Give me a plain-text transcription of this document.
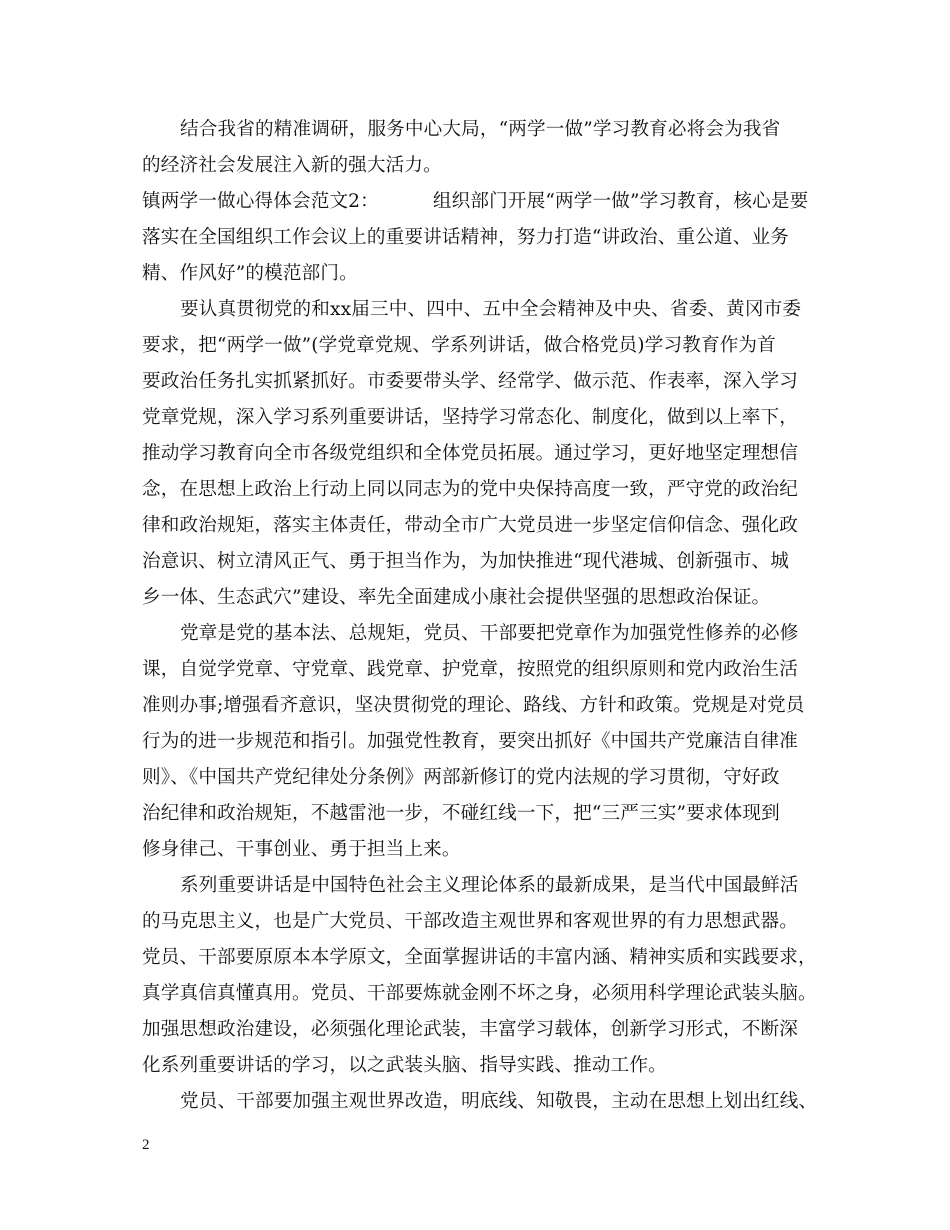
结合我省的精准调研，服务中心大局，“两学一做”学习教育必将会为我省
的经济社会发展注入新的强大活力。
镇两学一做心得体会范文2：	组织部门开展“两学一做”学习教育，核心是要
落实在全国组织工作会议上的重要讲话精神，努力打造“讲政治、重公道、业务
精、作风好”的模范部门。
要认真贯彻党的和xx届三中、四中、五中全会精神及中央、省委、黄冈市委
要求，把“两学一做”(学党章党规、学系列讲话，做合格党员)学习教育作为首
要政治任务扎实抓紧抓好。市委要带头学、经常学、做示范、作表率，深入学习
党章党规，深入学习系列重要讲话，坚持学习常态化、制度化，做到以上率下，
推动学习教育向全市各级党组织和全体党员拓展。通过学习，更好地坚定理想信
念，在思想上政治上行动上同以同志为的党中央保持高度一致，严守党的政治纪
律和政治规矩，落实主体责任，带动全市广大党员进一步坚定信仰信念、强化政
治意识、树立清风正气、勇于担当作为，为加快推进“现代港城、创新强市、城
乡一体、生态武穴”建设、率先全面建成小康社会提供坚强的思想政治保证。
党章是党的基本法、总规矩，党员、干部要把党章作为加强党性修养的必修
课，自觉学党章、守党章、践党章、护党章，按照党的组织原则和党内政治生活
准则办事;增强看齐意识，坚决贯彻党的理论、路线、方针和政策。党规是对党员
行为的进一步规范和指引。加强党性教育，要突出抓好《中国共产党廉洁自律准
则》、《中国共产党纪律处分条例》两部新修订的党内法规的学习贯彻，守好政
治纪律和政治规矩，不越雷池一步，不碰红线一下，把“三严三实”要求体现到
修身律己、干事创业、勇于担当上来。
系列重要讲话是中国特色社会主义理论体系的最新成果，是当代中国最鲜活
的马克思主义，也是广大党员、干部改造主观世界和客观世界的有力思想武器。
党员、干部要原原本本学原文，全面掌握讲话的丰富内涵、精神实质和实践要求，
真学真信真懂真用。党员、干部要炼就金刚不坏之身，必须用科学理论武装头脑。
加强思想政治建设，必须强化理论武装，丰富学习载体，创新学习形式，不断深
化系列重要讲话的学习，以之武装头脑、指导实践、推动工作。
党员、干部要加强主观世界改造，明底线、知敬畏，主动在思想上划出红线、
2
